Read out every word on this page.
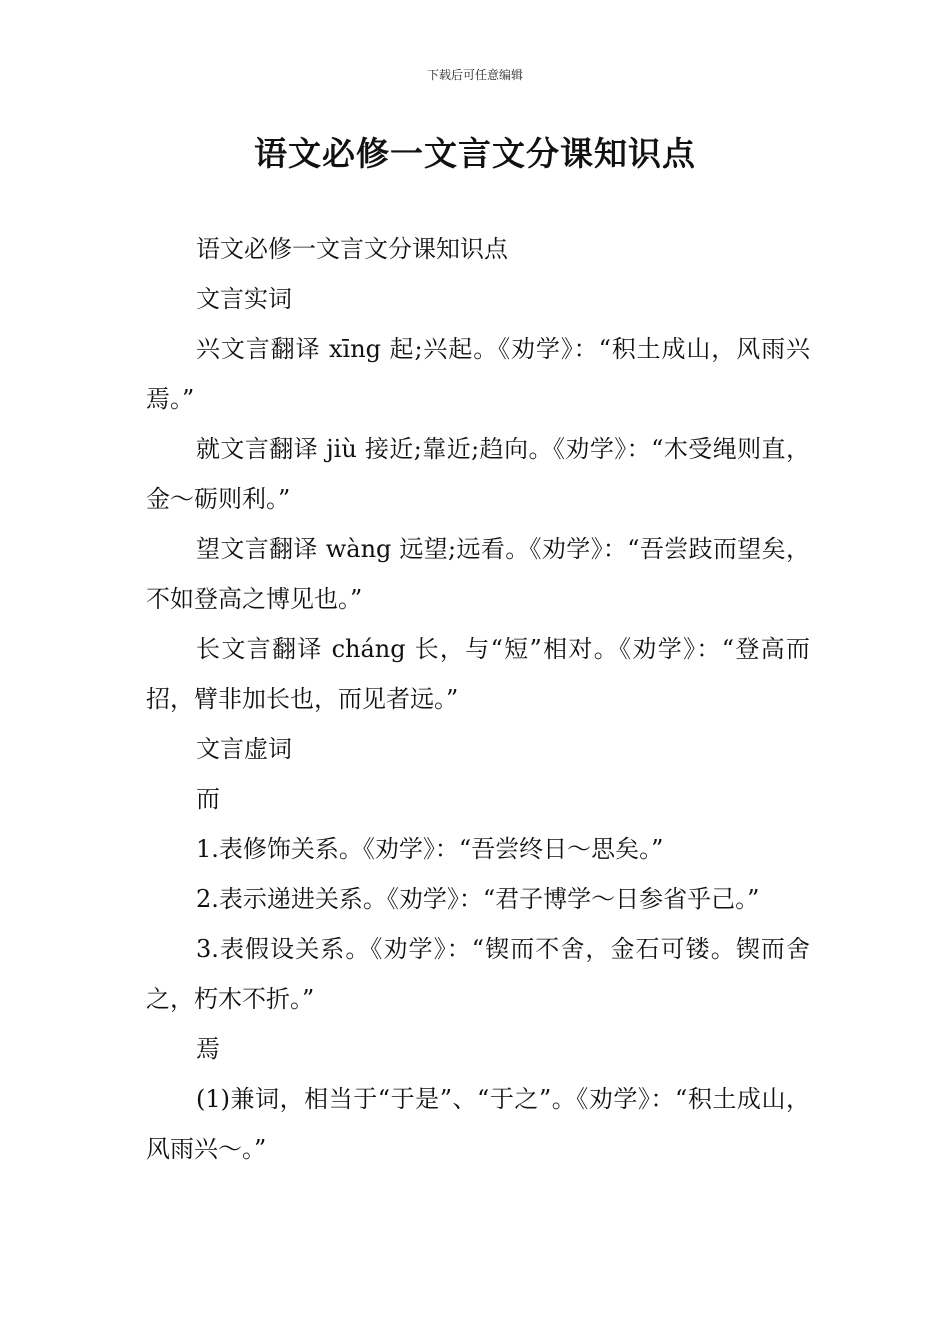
下载后可任意编辑
语文必修一文言文分课知识点

语文必修一文言文分课知识点

文言实词

兴文言翻译 xīng 起;兴起。《劝学》：“积土成山，风雨兴焉。”

就文言翻译 jiù 接近;靠近;趋向。《劝学》：“木受绳则直，金～砺则利。”

望文言翻译 wàng 远望;远看。《劝学》：“吾尝跂而望矣，不如登高之博见也。”

长文言翻译 cháng 长，与“短”相对。《劝学》：“登高而招，臂非加长也，而见者远。”

文言虚词

而

1.表修饰关系。《劝学》：“吾尝终日～思矣。”

2.表示递进关系。《劝学》：“君子博学～日参省乎己。”

3.表假设关系。《劝学》：“锲而不舍，金石可镂。锲而舍之，朽木不折。”

焉

(1)兼词，相当于“于是”、“于之”。《劝学》：“积土成山，风雨兴～。”
